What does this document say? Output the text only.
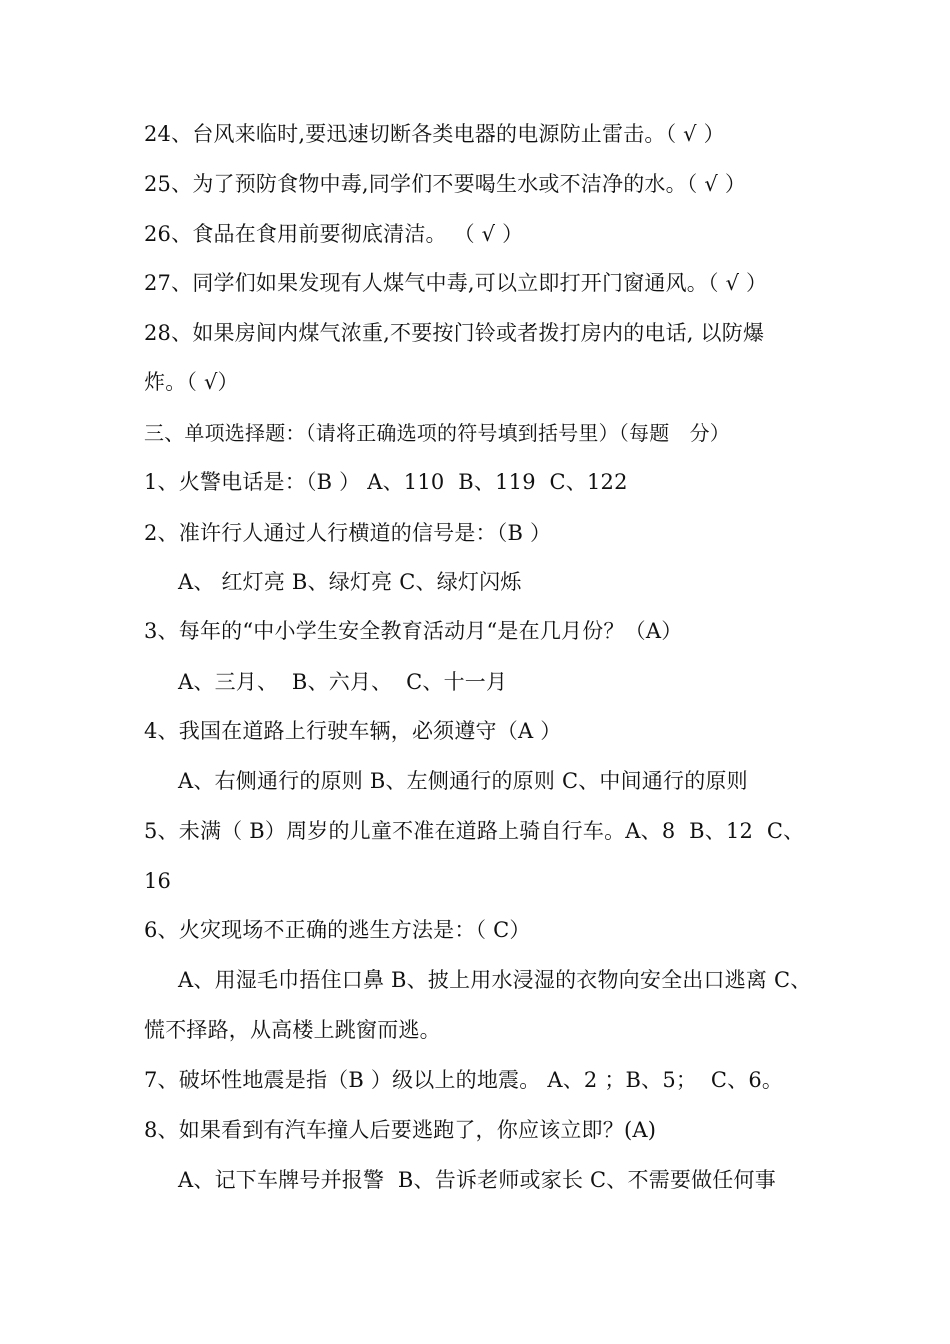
24、台风来临时,要迅速切断各类电器的电源防止雷击。（ √ ）
25、为了预防食物中毒,同学们不要喝生水或不洁净的水。（ √ ）
26、食品在食用前要彻底清洁。 （ √ ）
27、同学们如果发现有人煤气中毒,可以立即打开门窗通风。（ √ ）
28、如果房间内煤气浓重,不要按门铃或者拨打房内的电话, 以防爆
炸。（ √）
三、单项选择题：（请将正确选项的符号填到括号里）（每题　分）
1、火警电话是：（B ） A、110  B、119  C、122
2、准许行人通过人行横道的信号是：（B ）
A、 红灯亮 B、绿灯亮 C、绿灯闪烁
3、每年的“中小学生安全教育活动月“是在几月份？（A）
A、三月、  B、六月、  C、十一月
4、我国在道路上行驶车辆，必须遵守（A ）
A、右侧通行的原则 B、左侧通行的原则 C、中间通行的原则
5、未满（ B）周岁的儿童不准在道路上骑自行车。A、8  B、12  C、
16
6、火灾现场不正确的逃生方法是：（ C）
A、用湿毛巾捂住口鼻 B、披上用水浸湿的衣物向安全出口逃离 C、
慌不择路，从高楼上跳窗而逃。
7、破坏性地震是指（B ）级以上的地震。 A、2 ；B、5；  C、6。
8、如果看到有汽车撞人后要逃跑了，你应该立即？(A)
A、记下车牌号并报警  B、告诉老师或家长 C、不需要做任何事
